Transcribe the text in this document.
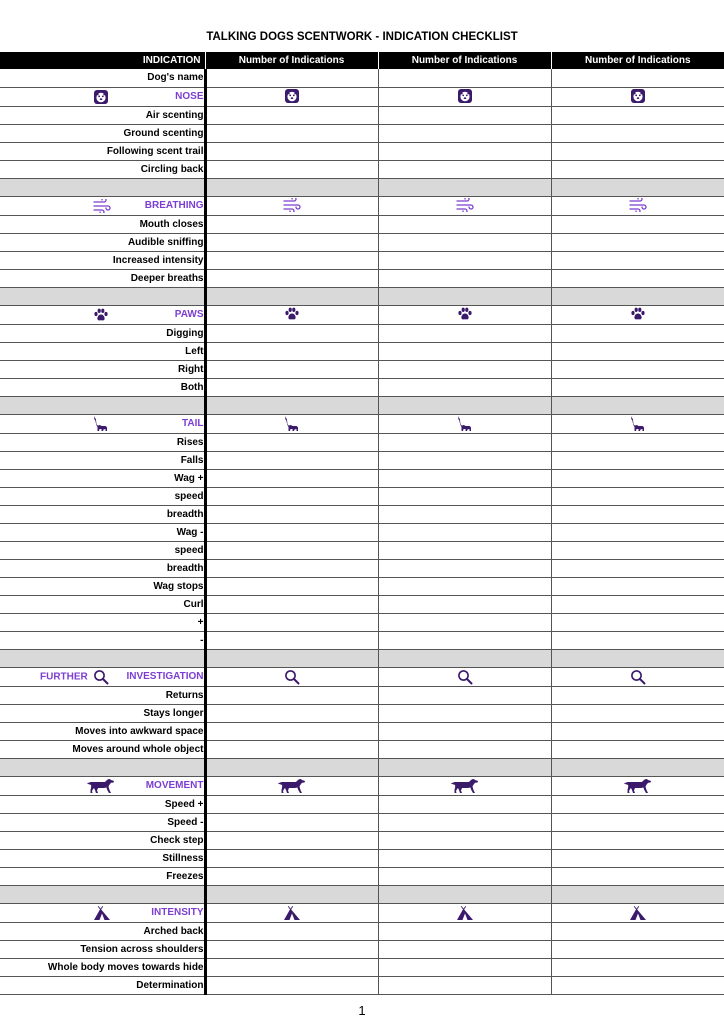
TALKING DOGS SCENTWORK - INDICATION CHECKLIST
INDICATION	Number of Indications	Number of Indications	Number of Indications
Dog's name			

NOSE			
Air scenting			
Ground scenting			
Following scent trail			
Circling back			

BREATHING			
Mouth closes			
Audible sniffing			
Increased intensity			
Deeper breaths			

PAWS			
Digging			
Left			
Right			
Both			

TAIL			
Rises			
Falls			
Wag +			
speed			
breadth			
Wag -			
speed			
breadth			
Wag stops			
Curl			
+			
-			

FURTHER INVESTIGATION			
Returns			
Stays longer			
Moves into awkward space			
Moves around whole object			

MOVEMENT			
Speed +			
Speed -			
Check step			
Stillness			
Freezes			

INTENSITY			
Arched back			
Tension across shoulders			
Whole body moves towards hide			
Determination			
1
